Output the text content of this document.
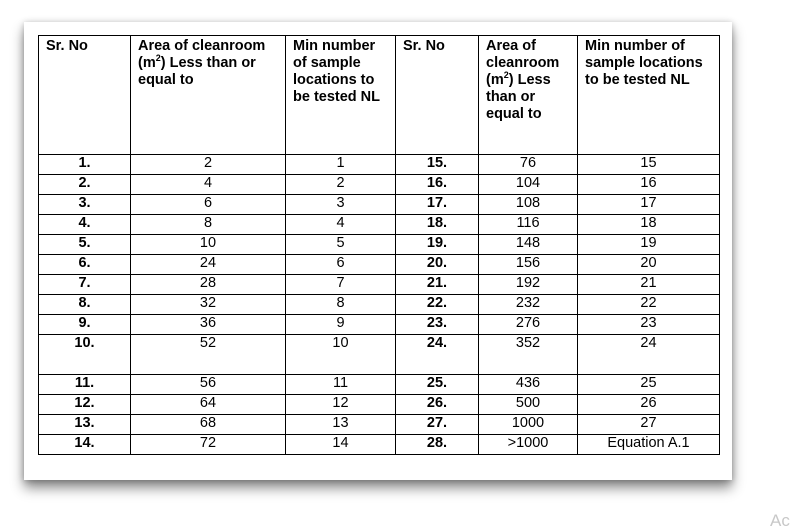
Sr. No	Area of cleanroom $(m^2)$ Less than or equal to	Min number of sample locations to be tested NL	Sr. No	Area of cleanroom $(m^2)$ Less than or equal to	Min number of sample locations to be tested NL
1.	2	1	15.	76	15
2.	4	2	16.	104	16
3.	6	3	17.	108	17
4.	8	4	18.	116	18
5.	10	5	19.	148	19
6.	24	6	20.	156	20
7.	28	7	21.	192	21
8.	32	8	22.	232	22
9.	36	9	23.	276	23
10.	52	10	24.	352	24
11.	56	11	25.	436	25
12.	64	12	26.	500	26
13.	68	13	27.	1000	27
14.	72	14	28.	>1000	Equation A.1
Ac
